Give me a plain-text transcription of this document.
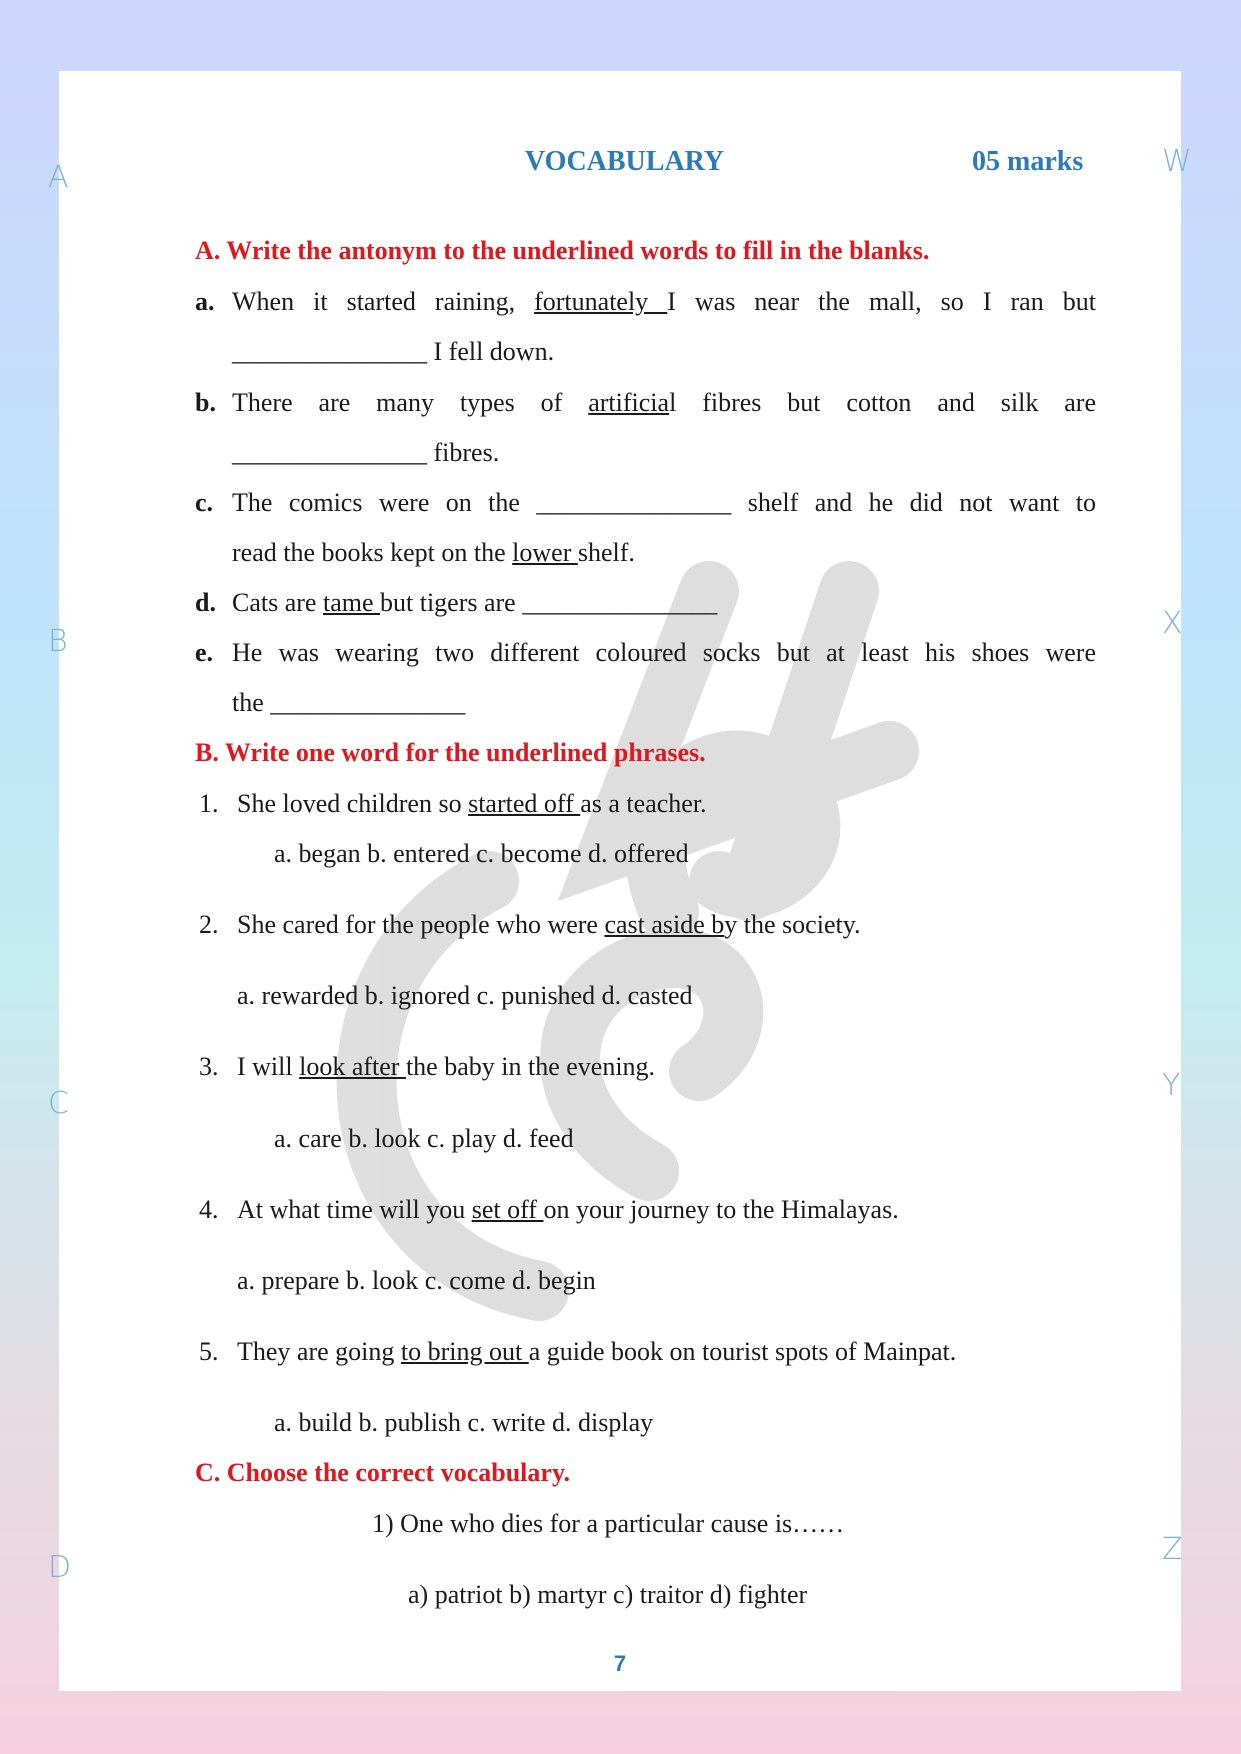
A
B
C
D
W
X
Y
Z
VOCABULARY	05 marks
A. Write the antonym to the underlined words to fill in the blanks.
a. When it started raining, fortunately I was near the mall, so I ran but
_______________ I fell down.
b. There are many types of artificial fibres but cotton and silk are
_______________ fibres.
c. The comics were on the _______________ shelf and he did not want to
read the books kept on the lower shelf.
d. Cats are tame but tigers are _______________
e. He was wearing two different coloured socks but at least his shoes were
the _______________
B. Write one word for the underlined phrases.
1. She loved children so started off as a teacher.
a. began b. entered c. become d. offered
2. She cared for the people who were cast aside by the society.
a. rewarded b. ignored c. punished d. casted
3. I will look after the baby in the evening.
a. care b. look c. play d. feed
4. At what time will you set off on your journey to the Himalayas.
a. prepare b. look c. come d. begin
5. They are going to bring out a guide book on tourist spots of Mainpat.
a. build b. publish c. write d. display
C. Choose the correct vocabulary.
1) One who dies for a particular cause is……
a) patriot b) martyr c) traitor d) fighter
7
